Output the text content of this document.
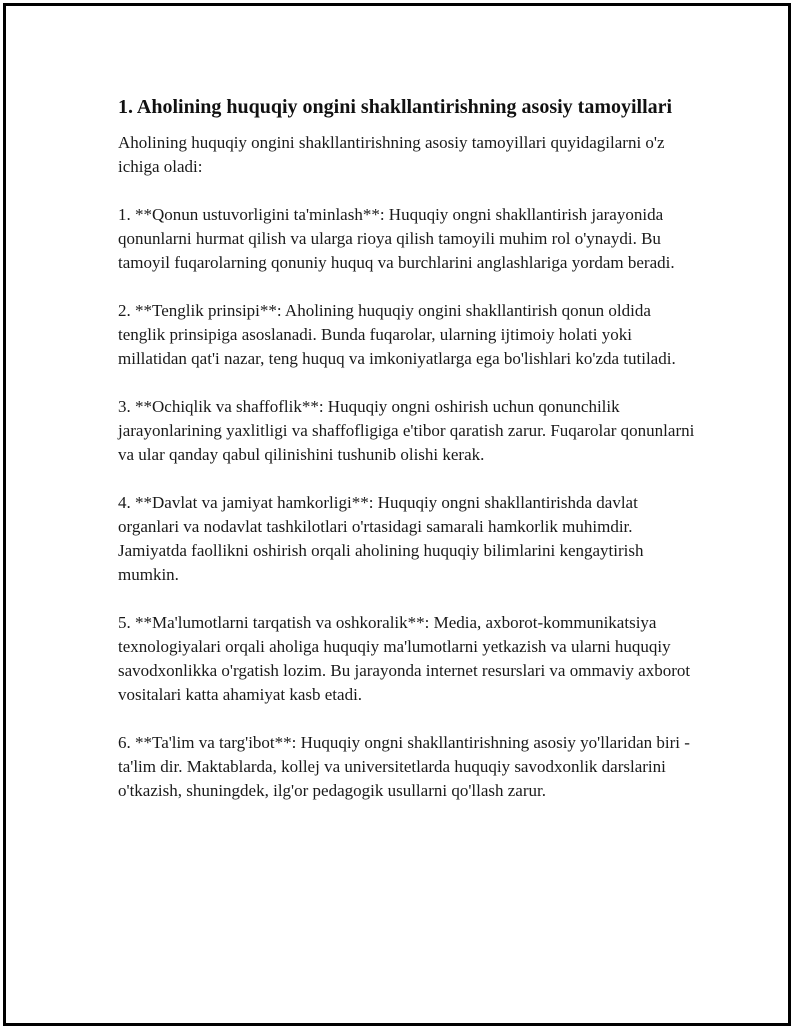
1. Aholining huquqiy ongini shakllantirishning asosiy tamoyillari

Aholining huquqiy ongini shakllantirishning asosiy tamoyillari quyidagilarni o'z ichiga oladi:

1. **Qonun ustuvorligini ta'minlash**: Huquqiy ongni shakllantirish jarayonida qonunlarni hurmat qilish va ularga rioya qilish tamoyili muhim rol o'ynaydi. Bu tamoyil fuqarolarning qonuniy huquq va burchlarini anglashlariga yordam beradi.

2. **Tenglik prinsipi**: Aholining huquqiy ongini shakllantirish qonun oldida tenglik prinsipiga asoslanadi. Bunda fuqarolar, ularning ijtimoiy holati yoki millatidan qat'i nazar, teng huquq va imkoniyatlarga ega bo'lishlari ko'zda tutiladi.

3. **Ochiqlik va shaffoflik**: Huquqiy ongni oshirish uchun qonunchilik jarayonlarining yaxlitligi va shaffofligiga e'tibor qaratish zarur. Fuqarolar qonunlarni va ular qanday qabul qilinishini tushunib olishi kerak.

4. **Davlat va jamiyat hamkorligi**: Huquqiy ongni shakllantirishda davlat organlari va nodavlat tashkilotlari o'rtasidagi samarali hamkorlik muhimdir. Jamiyatda faollikni oshirish orqali aholining huquqiy bilimlarini kengaytirish mumkin.

5. **Ma'lumotlarni tarqatish va oshkoralik**: Media, axborot-kommunikatsiya texnologiyalari orqali aholiga huquqiy ma'lumotlarni yetkazish va ularni huquqiy savodxonlikka o'rgatish lozim. Bu jarayonda internet resurslari va ommaviy axborot vositalari katta ahamiyat kasb etadi.

6. **Ta'lim va targ'ibot**: Huquqiy ongni shakllantirishning asosiy yo'llaridan biri - ta'lim dir. Maktablarda, kollej va universitetlarda huquqiy savodxonlik darslarini o'tkazish, shuningdek, ilg'or pedagogik usullarni qo'llash zarur.
